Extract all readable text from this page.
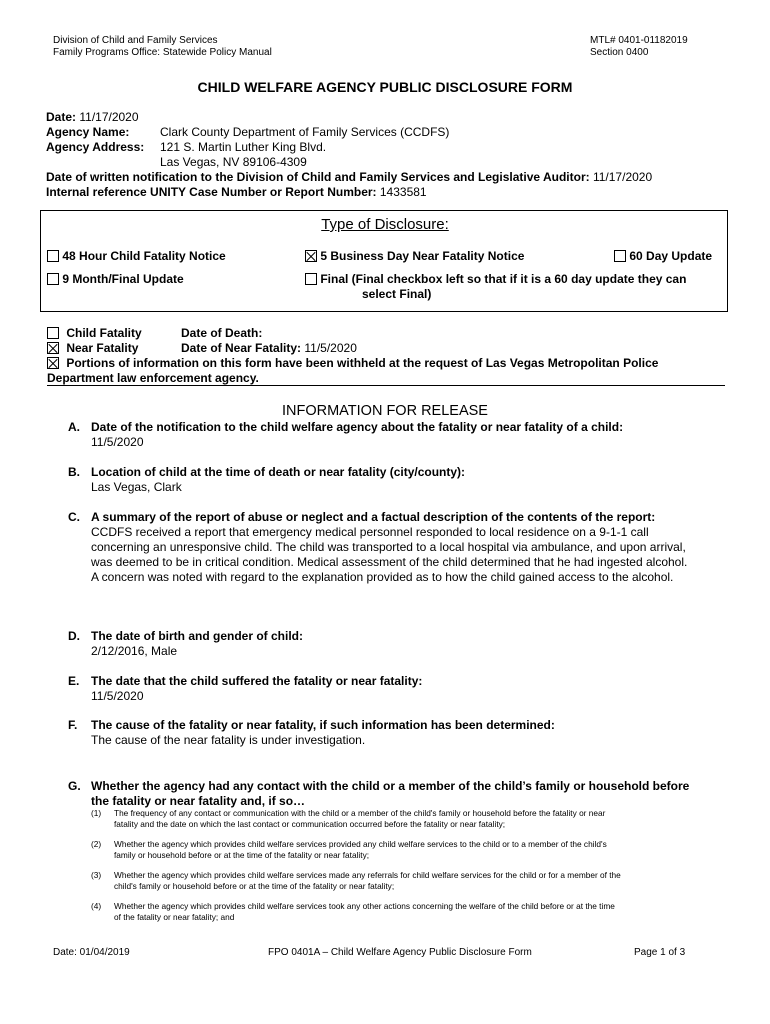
Division of Child and Family Services
Family Programs Office: Statewide Policy Manual
MTL# 0401-01182019
Section 0400
CHILD WELFARE AGENCY PUBLIC DISCLOSURE FORM
Date: 11/17/2020
Agency Name:	Clark County Department of Family Services (CCDFS)
Agency Address: 121 S. Martin Luther King Blvd.
Las Vegas, NV 89106-4309
Date of written notification to the Division of Child and Family Services and Legislative Auditor: 11/17/2020
Internal reference UNITY Case Number or Report Number: 1433581
Type of Disclosure:
48 Hour Child Fatality Notice	5 Business Day Near Fatality Notice	60 Day Update
9 Month/Final Update	Final (Final checkbox left so that if it is a 60 day update they can
select Final)
Child Fatality	Date of Death:
Near Fatality	Date of Near Fatality: 11/5/2020
Portions of information on this form have been withheld at the request of Las Vegas Metropolitan Police
Department law enforcement agency.
INFORMATION FOR RELEASE
A. Date of the notification to the child welfare agency about the fatality or near fatality of a child:
11/5/2020
B. Location of child at the time of death or near fatality (city/county):
Las Vegas, Clark
C. A summary of the report of abuse or neglect and a factual description of the contents of the report:
CCDFS received a report that emergency medical personnel responded to local residence on a 9-1-1 call
concerning an unresponsive child. The child was transported to a local hospital via ambulance, and upon arrival,
was deemed to be in critical condition. Medical assessment of the child determined that he had ingested alcohol.
A concern was noted with regard to the explanation provided as to how the child gained access to the alcohol.
D. The date of birth and gender of child:
2/12/2016, Male
E. The date that the child suffered the fatality or near fatality:
11/5/2020
F. The cause of the fatality or near fatality, if such information has been determined:
The cause of the near fatality is under investigation.
G. Whether the agency had any contact with the child or a member of the child’s family or household before
the fatality or near fatality and, if so…
(1) The frequency of any contact or communication with the child or a member of the child's family or household before the fatality or near
fatality and the date on which the last contact or communication occurred before the fatality or near fatality;
(2) Whether the agency which provides child welfare services provided any child welfare services to the child or to a member of the child's
family or household before or at the time of the fatality or near fatality;
(3) Whether the agency which provides child welfare services made any referrals for child welfare services for the child or for a member of the
child's family or household before or at the time of the fatality or near fatality;
(4) Whether the agency which provides child welfare services took any other actions concerning the welfare of the child before or at the time
of the fatality or near fatality; and
Date: 01/04/2019	FPO 0401A – Child Welfare Agency Public Disclosure Form	Page 1 of 3
